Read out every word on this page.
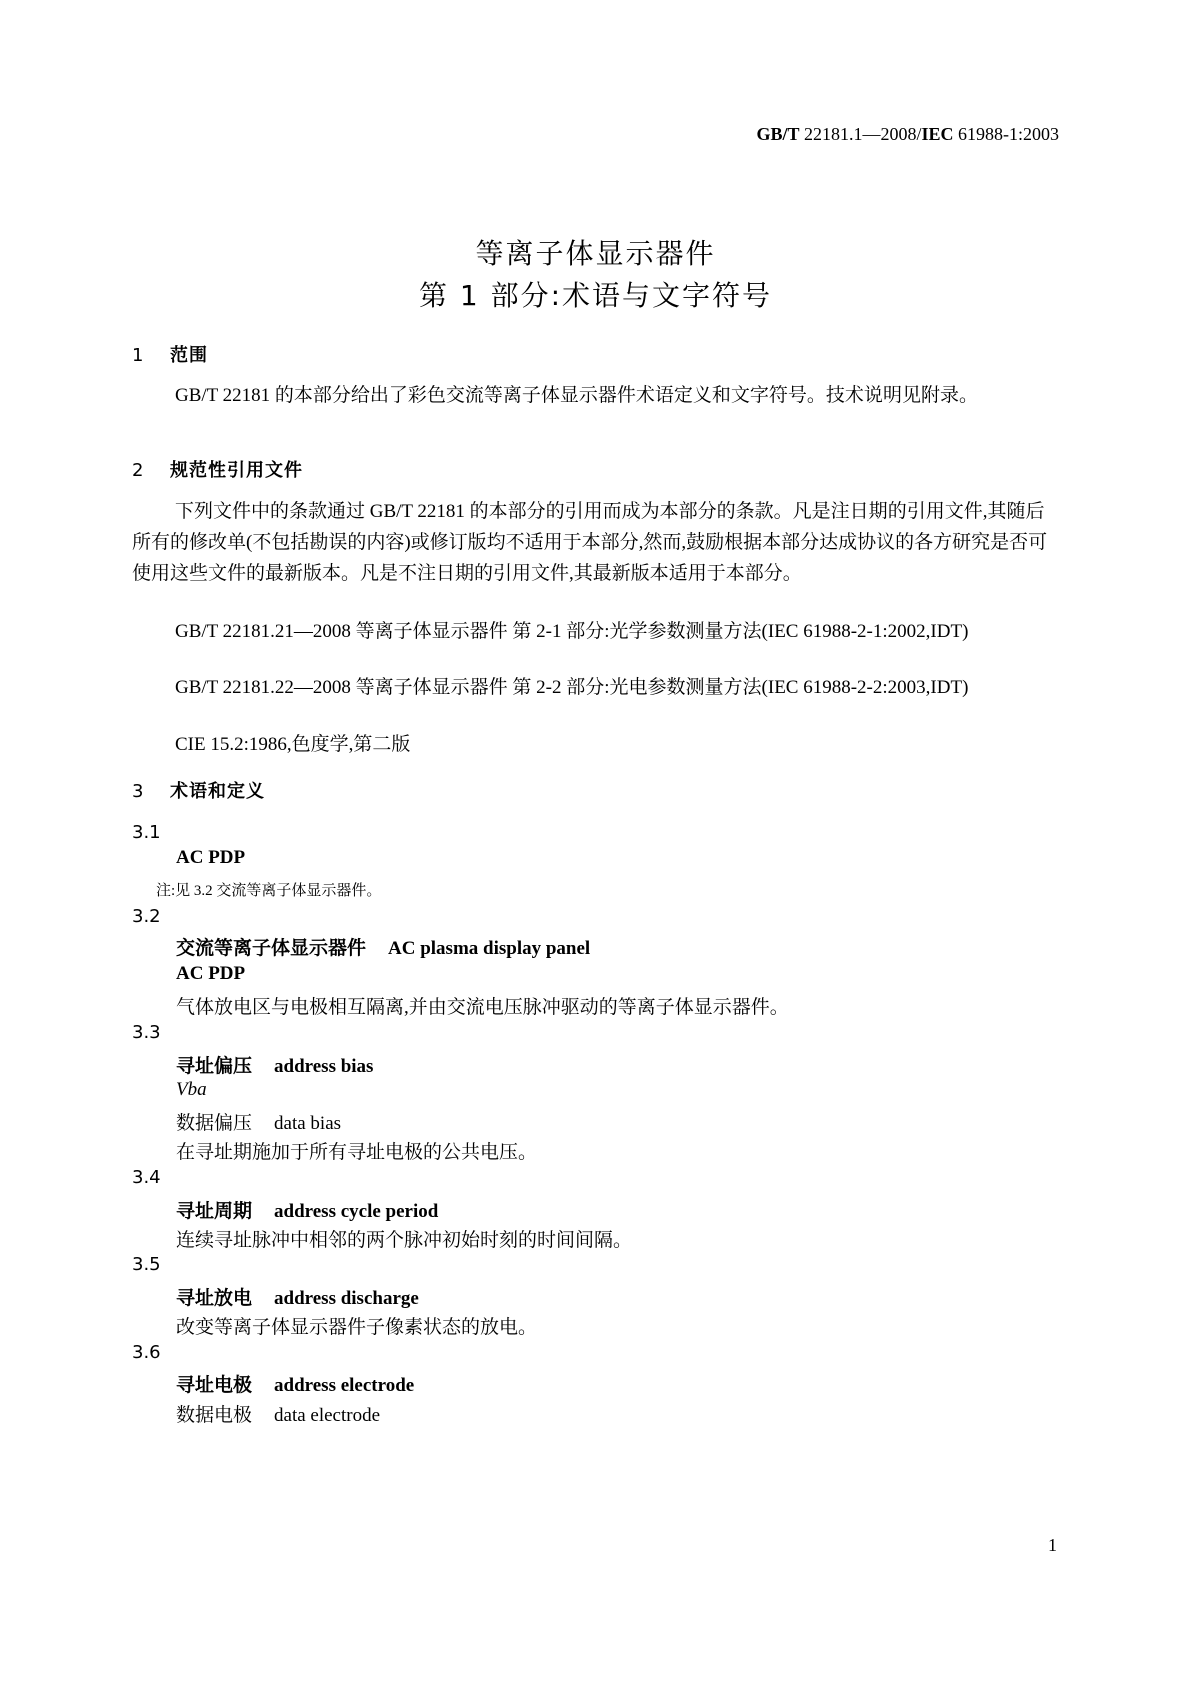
GB/T 22181.1—2008/IEC 61988-1:2003
等离子体显示器件
第 1 部分:术语与文字符号
1 范围
GB/T 22181 的本部分给出了彩色交流等离子体显示器件术语定义和文字符号。技术说明见附录。
2 规范性引用文件
下列文件中的条款通过 GB/T 22181 的本部分的引用而成为本部分的条款。凡是注日期的引用文件,其随后所有的修改单(不包括勘误的内容)或修订版均不适用于本部分,然而,鼓励根据本部分达成协议的各方研究是否可使用这些文件的最新版本。凡是不注日期的引用文件,其最新版本适用于本部分。
GB/T 22181.21—2008 等离子体显示器件 第 2-1 部分:光学参数测量方法(IEC 61988-2-1:2002,IDT)
GB/T 22181.22—2008 等离子体显示器件 第 2-2 部分:光电参数测量方法(IEC 61988-2-2:2003,IDT)
CIE 15.2:1986,色度学,第二版
3 术语和定义
3.1
AC PDP
注:见 3.2 交流等离子体显示器件。
3.2
交流等离子体显示器件 AC plasma display panel
AC PDP
气体放电区与电极相互隔离,并由交流电压脉冲驱动的等离子体显示器件。
3.3
寻址偏压 address bias
Vba
数据偏压 data bias
在寻址期施加于所有寻址电极的公共电压。
3.4
寻址周期 address cycle period
连续寻址脉冲中相邻的两个脉冲初始时刻的时间间隔。
3.5
寻址放电 address discharge
改变等离子体显示器件子像素状态的放电。
3.6
寻址电极 address electrode
数据电极 data electrode
1
